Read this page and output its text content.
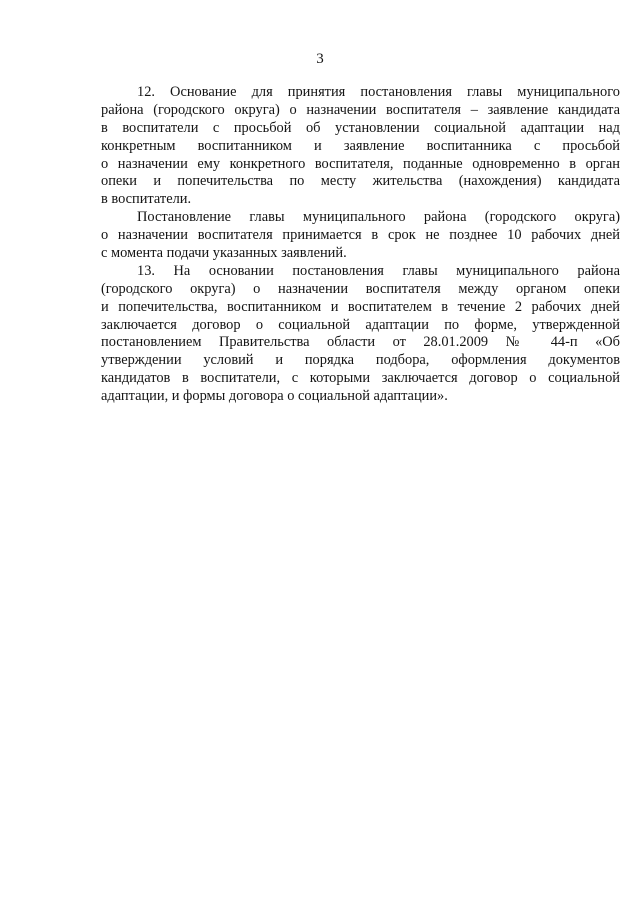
3
12. Основание для принятия постановления главы муниципального
района (городского округа) о назначении воспитателя – заявление кандидата
в воспитатели с просьбой об установлении социальной адаптации над
конкретным воспитанником и заявление воспитанника с просьбой
о назначении ему конкретного воспитателя, поданные одновременно в орган
опеки и попечительства по месту жительства (нахождения) кандидата
в воспитатели.
Постановление главы муниципального района (городского округа)
о назначении воспитателя принимается в срок не позднее 10 рабочих дней
с момента подачи указанных заявлений.
13. На основании постановления главы муниципального района
(городского округа) о назначении воспитателя между органом опеки
и попечительства, воспитанником и воспитателем в течение 2 рабочих дней
заключается договор о социальной адаптации по форме, утвержденной
постановлением Правительства области от 28.01.2009 № 44-п «Об
утверждении условий и порядка подбора, оформления документов
кандидатов в воспитатели, с которыми заключается договор о социальной
адаптации, и формы договора о социальной адаптации».
